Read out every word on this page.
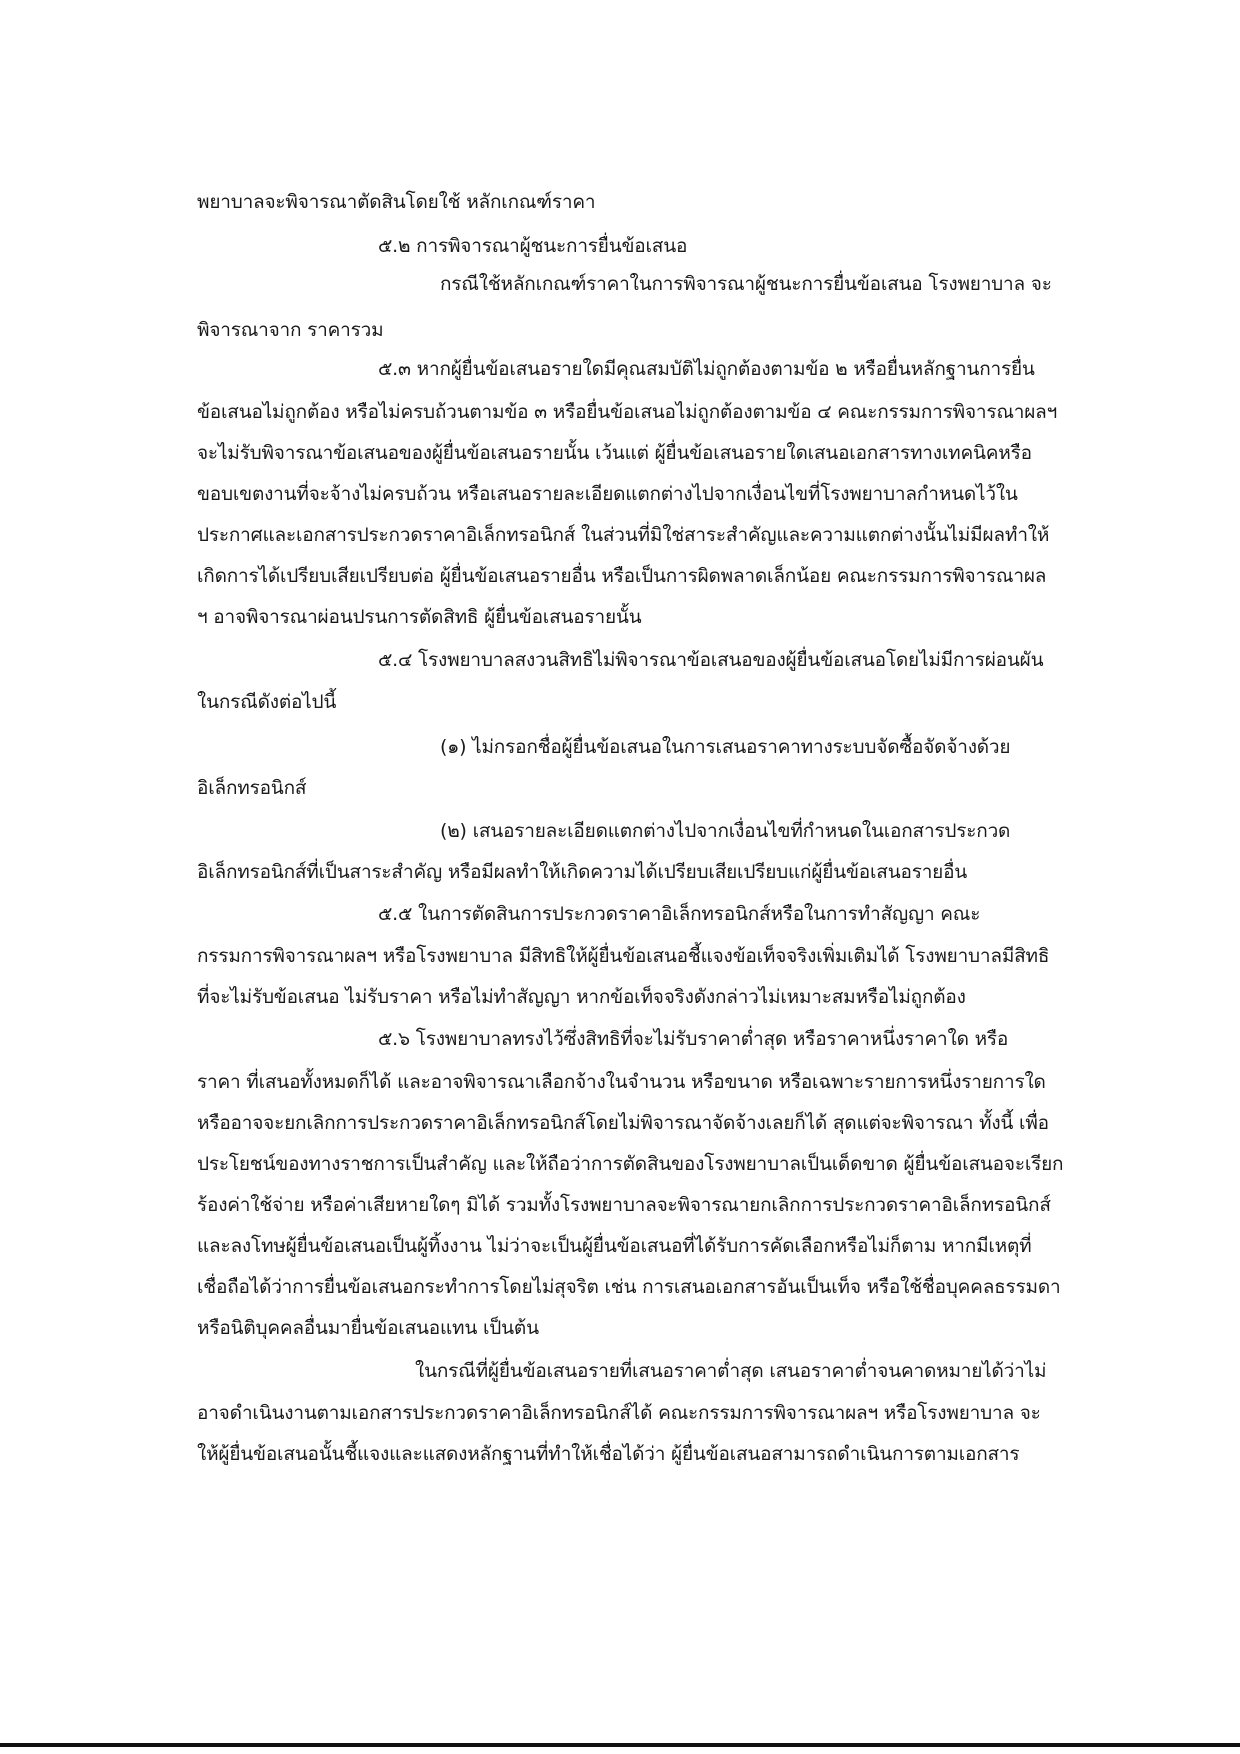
พยาบาลจะพิจารณาตัดสินโดยใช้ หลักเกณฑ์ราคา
๕.๒ การพิจารณาผู้ชนะการยื่นข้อเสนอ
กรณีใช้หลักเกณฑ์ราคาในการพิจารณาผู้ชนะการยื่นข้อเสนอ โรงพยาบาล จะ
พิจารณาจาก ราคารวม
๕.๓ หากผู้ยื่นข้อเสนอรายใดมีคุณสมบัติไม่ถูกต้องตามข้อ ๒ หรือยื่นหลักฐานการยื่น
ข้อเสนอไม่ถูกต้อง หรือไม่ครบถ้วนตามข้อ ๓ หรือยื่นข้อเสนอไม่ถูกต้องตามข้อ ๔ คณะกรรมการพิจารณาผลฯ
จะไม่รับพิจารณาข้อเสนอของผู้ยื่นข้อเสนอรายนั้น เว้นแต่ ผู้ยื่นข้อเสนอรายใดเสนอเอกสารทางเทคนิคหรือ
ขอบเขตงานที่จะจ้างไม่ครบถ้วน หรือเสนอรายละเอียดแตกต่างไปจากเงื่อนไขที่โรงพยาบาลกำหนดไว้ใน
ประกาศและเอกสารประกวดราคาอิเล็กทรอนิกส์ ในส่วนที่มิใช่สาระสำคัญและความแตกต่างนั้นไม่มีผลทำให้
เกิดการได้เปรียบเสียเปรียบต่อ ผู้ยื่นข้อเสนอรายอื่น หรือเป็นการผิดพลาดเล็กน้อย คณะกรรมการพิจารณาผล
ฯ อาจพิจารณาผ่อนปรนการตัดสิทธิ ผู้ยื่นข้อเสนอรายนั้น
๕.๔ โรงพยาบาลสงวนสิทธิไม่พิจารณาข้อเสนอของผู้ยื่นข้อเสนอโดยไม่มีการผ่อนผัน
ในกรณีดังต่อไปนี้
(๑) ไม่กรอกชื่อผู้ยื่นข้อเสนอในการเสนอราคาทางระบบจัดซื้อจัดจ้างด้วย
อิเล็กทรอนิกส์
(๒) เสนอรายละเอียดแตกต่างไปจากเงื่อนไขที่กำหนดในเอกสารประกวด
อิเล็กทรอนิกส์ที่เป็นสาระสำคัญ หรือมีผลทำให้เกิดความได้เปรียบเสียเปรียบแก่ผู้ยื่นข้อเสนอรายอื่น
๕.๕ ในการตัดสินการประกวดราคาอิเล็กทรอนิกส์หรือในการทำสัญญา คณะ
กรรมการพิจารณาผลฯ หรือโรงพยาบาล มีสิทธิให้ผู้ยื่นข้อเสนอชี้แจงข้อเท็จจริงเพิ่มเติมได้ โรงพยาบาลมีสิทธิ
ที่จะไม่รับข้อเสนอ ไม่รับราคา หรือไม่ทำสัญญา หากข้อเท็จจริงดังกล่าวไม่เหมาะสมหรือไม่ถูกต้อง
๕.๖ โรงพยาบาลทรงไว้ซึ่งสิทธิที่จะไม่รับราคาต่ำสุด หรือราคาหนึ่งราคาใด หรือ
ราคา ที่เสนอทั้งหมดก็ได้ และอาจพิจารณาเลือกจ้างในจำนวน หรือขนาด หรือเฉพาะรายการหนึ่งรายการใด
หรืออาจจะยกเลิกการประกวดราคาอิเล็กทรอนิกส์โดยไม่พิจารณาจัดจ้างเลยก็ได้ สุดแต่จะพิจารณา ทั้งนี้ เพื่อ
ประโยชน์ของทางราชการเป็นสำคัญ และให้ถือว่าการตัดสินของโรงพยาบาลเป็นเด็ดขาด ผู้ยื่นข้อเสนอจะเรียก
ร้องค่าใช้จ่าย หรือค่าเสียหายใดๆ มิได้ รวมทั้งโรงพยาบาลจะพิจารณายกเลิกการประกวดราคาอิเล็กทรอนิกส์
และลงโทษผู้ยื่นข้อเสนอเป็นผู้ทิ้งงาน ไม่ว่าจะเป็นผู้ยื่นข้อเสนอที่ได้รับการคัดเลือกหรือไม่ก็ตาม หากมีเหตุที่
เชื่อถือได้ว่าการยื่นข้อเสนอกระทำการโดยไม่สุจริต เช่น การเสนอเอกสารอันเป็นเท็จ หรือใช้ชื่อบุคคลธรรมดา
หรือนิติบุคคลอื่นมายื่นข้อเสนอแทน เป็นต้น
ในกรณีที่ผู้ยื่นข้อเสนอรายที่เสนอราคาต่ำสุด เสนอราคาต่ำจนคาดหมายได้ว่าไม่
อาจดำเนินงานตามเอกสารประกวดราคาอิเล็กทรอนิกส์ได้ คณะกรรมการพิจารณาผลฯ หรือโรงพยาบาล จะ
ให้ผู้ยื่นข้อเสนอนั้นชี้แจงและแสดงหลักฐานที่ทำให้เชื่อได้ว่า ผู้ยื่นข้อเสนอสามารถดำเนินการตามเอกสาร
